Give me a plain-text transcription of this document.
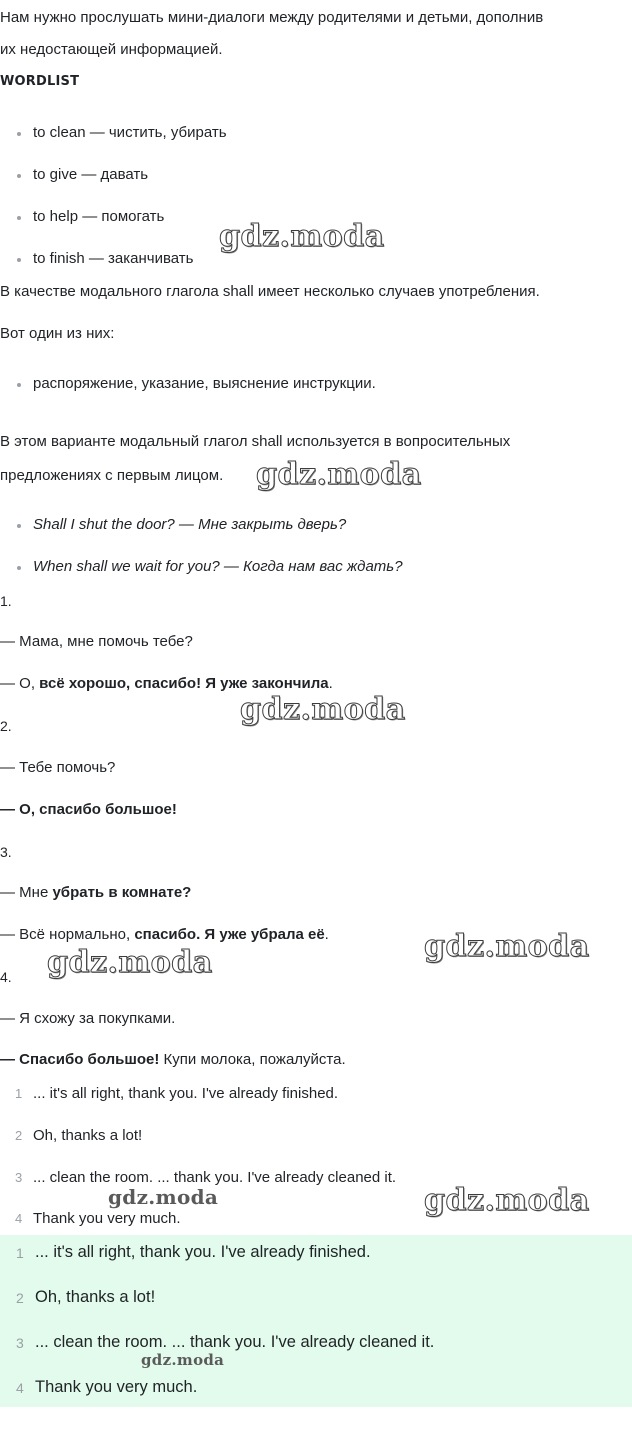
Нам нужно прослушать мини-диалоги между родителями и детьми, дополнив
их недостающей информацией.
WORDLIST
to clean — чистить, убирать
to give — давать
to help — помогать
to finish — заканчивать
В качестве модального глагола shall имеет несколько случаев употребления.
Вот один из них:
распоряжение, указание, выяснение инструкции.
В этом варианте модальный глагол shall используется в вопросительных
предложениях с первым лицом.
Shall I shut the door? — Мне закрыть дверь?
When shall we wait for you? — Когда нам вас ждать?
1.
— Мама, мне помочь тебе?
— О, всё хорошо, спасибо! Я уже закончила.
2.
— Тебе помочь?
— О, спасибо большое!
3.
— Мне убрать в комнате?
— Всё нормально, спасибо. Я уже убрала её.
4.
— Я схожу за покупками.
— Спасибо большое! Купи молока, пожалуйста.
1 ... it's all right, thank you. I've already finished.
2 Oh, thanks a lot!
3 ... clean the room. ... thank you. I've already cleaned it.
4 Thank you very much.
1 ... it's all right, thank you. I've already finished.
2 Oh, thanks a lot!
3 ... clean the room. ... thank you. I've already cleaned it.
4 Thank you very much.
gdz.moda
gdz.moda
gdz.moda
gdz.moda
gdz.moda
gdz.moda
gdz.moda
gdz.moda
